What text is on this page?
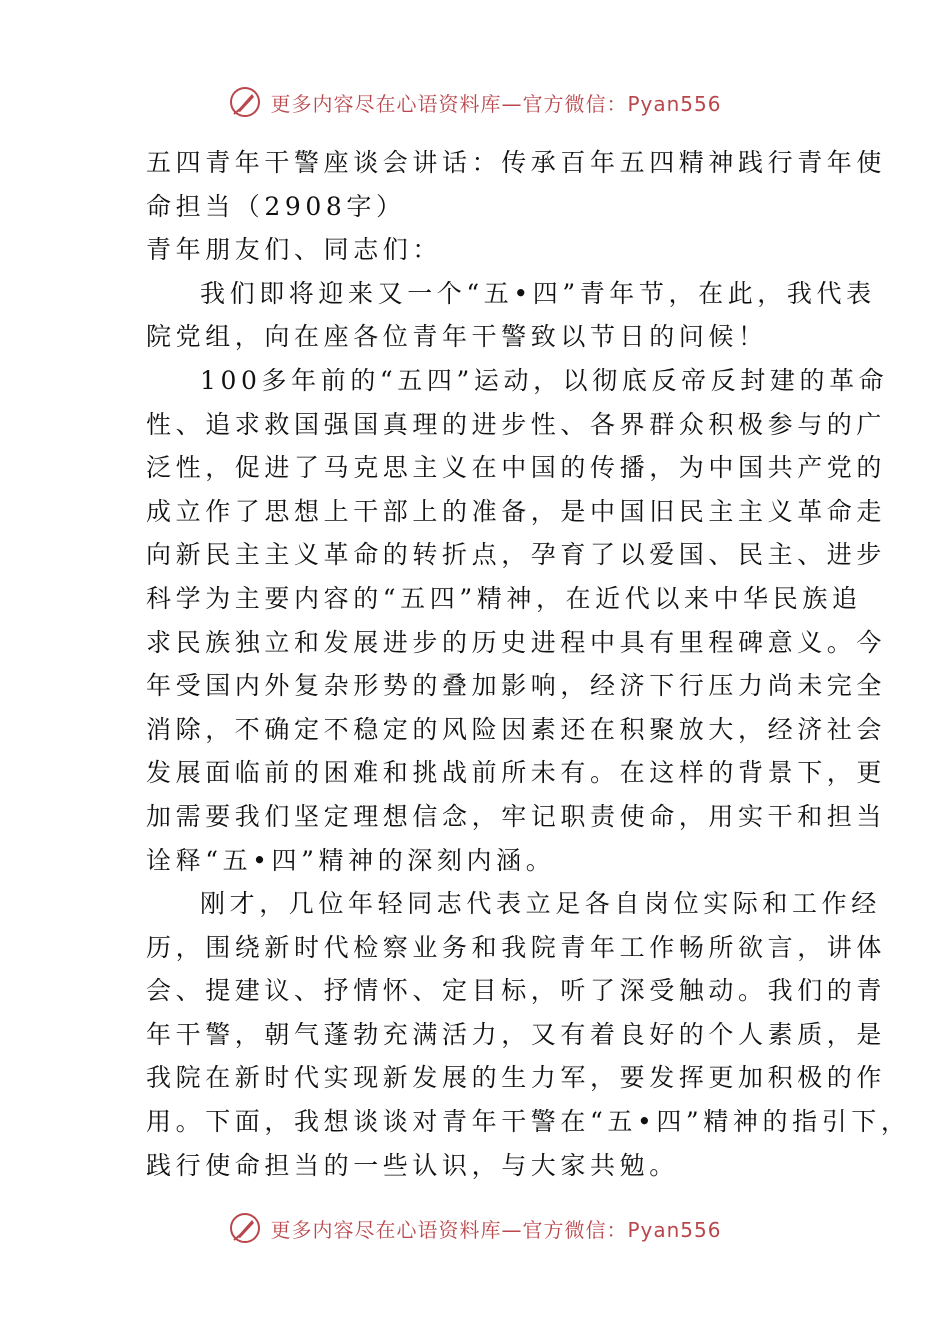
更多内容尽在心语资料库—官方微信：Pyan556
五四青年干警座谈会讲话：传承百年五四精神践行青年使
命担当（2908字）
青年朋友们、同志们：
我们即将迎来又一个“五•四”青年节，在此，我代表
院党组，向在座各位青年干警致以节日的问候！
100多年前的“五四”运动，以彻底反帝反封建的革命
性、追求救国强国真理的进步性、各界群众积极参与的广
泛性，促进了马克思主义在中国的传播，为中国共产党的
成立作了思想上干部上的准备，是中国旧民主主义革命走
向新民主主义革命的转折点，孕育了以爱国、民主、进步
科学为主要内容的“五四”精神，在近代以来中华民族追
求民族独立和发展进步的历史进程中具有里程碑意义。今
年受国内外复杂形势的叠加影响，经济下行压力尚未完全
消除，不确定不稳定的风险因素还在积聚放大，经济社会
发展面临前的困难和挑战前所未有。在这样的背景下，更
加需要我们坚定理想信念，牢记职责使命，用实干和担当
诠释“五•四”精神的深刻内涵。
刚才，几位年轻同志代表立足各自岗位实际和工作经
历，围绕新时代检察业务和我院青年工作畅所欲言，讲体
会、提建议、抒情怀、定目标，听了深受触动。我们的青
年干警，朝气蓬勃充满活力，又有着良好的个人素质，是
我院在新时代实现新发展的生力军，要发挥更加积极的作
用。下面，我想谈谈对青年干警在“五•四”精神的指引下，
践行使命担当的一些认识，与大家共勉。
更多内容尽在心语资料库—官方微信：Pyan556
